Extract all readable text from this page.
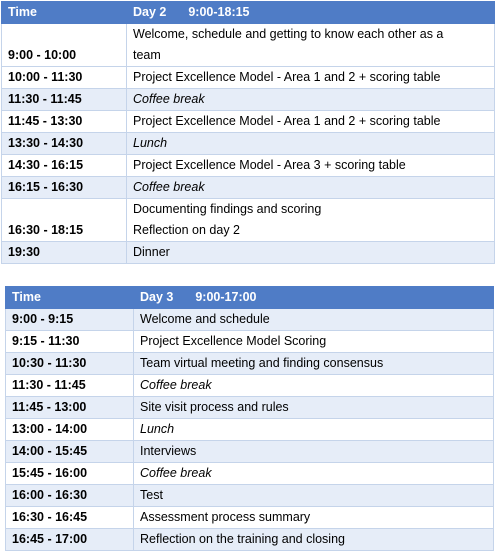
Time	Day 2 9:00-18:15
9:00 - 10:00	Welcome, schedule and getting to know each other as a
team

10:00 - 11:30	Project Excellence Model - Area 1 and 2 + scoring table

11:30 - 11:45	Coffee break

11:45 - 13:30	Project Excellence Model - Area 1 and 2 + scoring table

13:30 - 14:30	Lunch

14:30 - 16:15	Project Excellence Model - Area 3 + scoring table

16:15 - 16:30	Coffee break

16:30 - 18:15	Documenting findings and scoring
Reflection on day 2

19:30	Dinner
Time	Day 3 9:00-17:00
9:00 - 9:15	Welcome and schedule

9:15 - 11:30	Project Excellence Model Scoring

10:30 - 11:30	Team virtual meeting and finding consensus

11:30 - 11:45	Coffee break

11:45 - 13:00	Site visit process and rules

13:00 - 14:00	Lunch

14:00 - 15:45	Interviews

15:45 - 16:00	Coffee break

16:00 - 16:30	Test

16:30 - 16:45	Assessment process summary

16:45 - 17:00	Reflection on the training and closing
